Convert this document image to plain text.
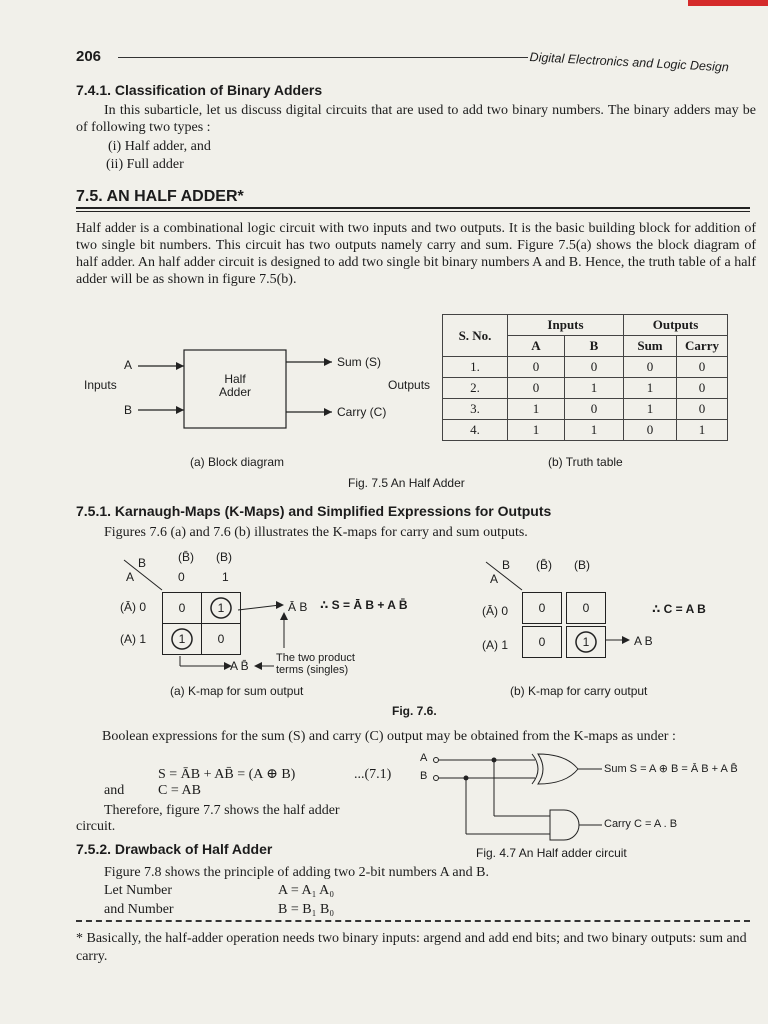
206	Digital Electronics and Logic Design
7.4.1. Classification of Binary Adders
In this subarticle, let us discuss digital circuits that are used to add two binary numbers. The binary adders may be of following two types :
(i) Half adder, and
(ii) Full adder
7.5. AN HALF ADDER*
Half adder is a combinational logic circuit with two inputs and two outputs. It is the basic building block for addition of two single bit numbers. This circuit has two outputs namely carry and sum. Figure 7.5(a) shows the block diagram of half adder. An half adder circuit is designed to add two single bit binary numbers A and B. Hence, the truth table of a half adder will be as shown in figure 7.5(b).
A
B
Inputs	Half
Adder
Sum (S)
Carry (C)
Outputs
(a) Block diagram
S. No.	Inputs		Outputs	
	A	B	Sum	Carry
1.	0	0	0	0
2.	0	1	1	0
3.	1	0	1	0
4.	1	1	0	1
(b) Truth table
Fig. 7.5 An Half Adder
7.5.1. Karnaugh-Maps (K-Maps) and Simplified Expressions for Outputs
Figures 7.6 (a) and 7.6 (b) illustrates the K-maps for carry and sum outputs.
B
A
(B̄) (B)
0	1
(Ā) 0
(A) 1
0	1
1	0
Ā B
A B̄
∴ S = Ā B + A B̄
The two product
terms (singles)
(a) K-map for sum output
B
A
(B̄) (B)
(Ā) 0
(A) 1
0	0
0	1	A B
∴ C = A B
(b) K-map for carry output
Fig. 7.6.
Boolean expressions for the sum (S) and carry (C) output may be obtained from the K-maps as under :
S = ĀB + AB̄ = (A ⊕ B)	...(7.1)
and C = AB
Therefore, figure 7.7 shows the half adder
circuit.
A
B
Sum S = A ⊕ B = Ā B + A B̄
Carry C = A . B
Fig. 4.7 An Half adder circuit
7.5.2. Drawback of Half Adder
Figure 7.8 shows the principle of adding two 2-bit numbers A and B.
Let Number	A = A₁ A₀
and Number	B = B₁ B₀
* Basically, the half-adder operation needs two binary inputs: argend and add end bits; and two binary outputs: sum and carry.
